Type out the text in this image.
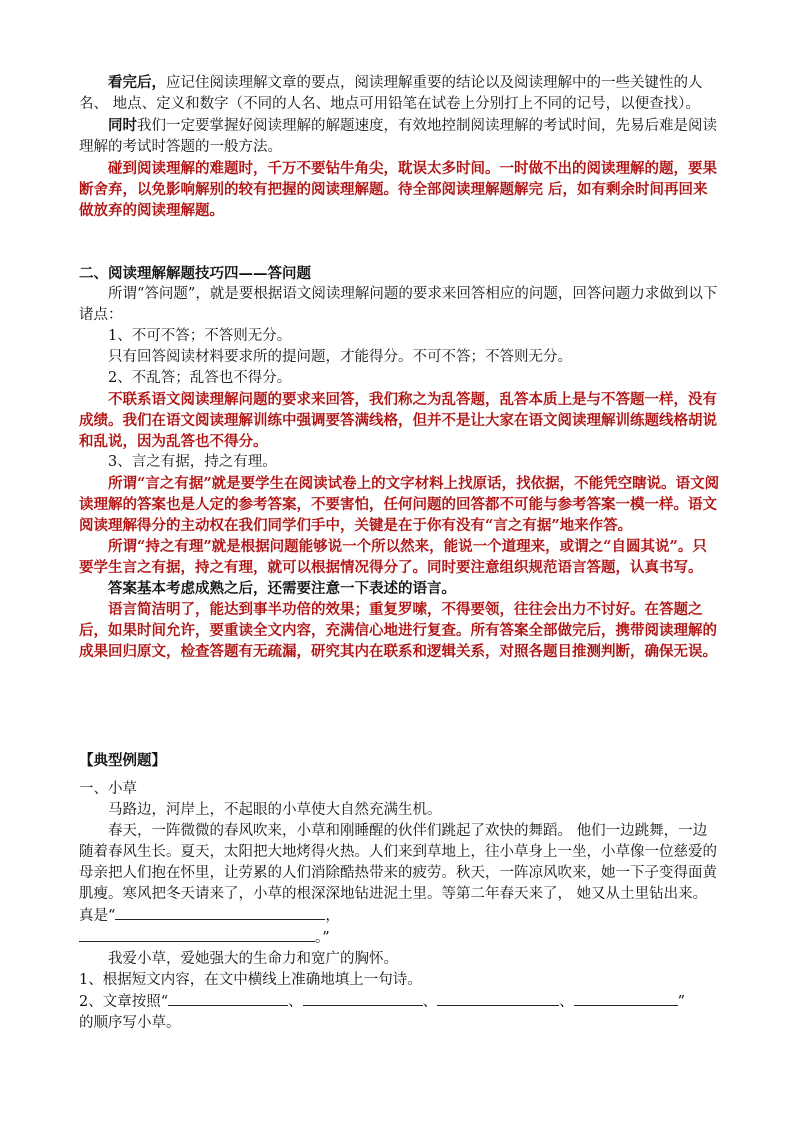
看完后，应记住阅读理解文章的要点，阅读理解重要的结论以及阅读理解中的一些关键性的人名、 地点、定义和数字（不同的人名、地点可用铅笔在试卷上分别打上不同的记号，以便查找）。

同时我们一定要掌握好阅读理解的解题速度，有效地控制阅读理解的考试时间，先易后难是阅读理解的考试时答题的一般方法。

碰到阅读理解的难题时，千万不要钻牛角尖，耽误太多时间。一时做不出的阅读理解的题，要果断舍弃，以免影响解别的较有把握的阅读理解题。待全部阅读理解题解完 后，如有剩余时间再回来做放弃的阅读理解题。

二、阅读理解解题技巧四——答问题

所谓“答问题”，就是要根据语文阅读理解问题的要求来回答相应的问题，回答问题力求做到以下诸点：

1、不可不答；不答则无分。

只有回答阅读材料要求所的提问题，才能得分。不可不答；不答则无分。

2、不乱答；乱答也不得分。

不联系语文阅读理解问题的要求来回答，我们称之为乱答题，乱答本质上是与不答题一样，没有成绩。我们在语文阅读理解训练中强调要答满线格，但并不是让大家在语文阅读理解训练题线格胡说和乱说，因为乱答也不得分。

3、言之有据，持之有理。

所谓“言之有据”就是要学生在阅读试卷上的文字材料上找原话，找依据，不能凭空瞎说。语文阅读理解的答案也是人定的参考答案，不要害怕，任何问题的回答都不可能与参考答案一模一样。语文阅读理解得分的主动权在我们同学们手中，关键是在于你有没有“言之有据”地来作答。

所谓“持之有理”就是根据问题能够说一个所以然来，能说一个道理来，或谓之“自圆其说”。只要学生言之有据，持之有理，就可以根据情况得分了。同时要注意组织规范语言答题，认真书写。

答案基本考虑成熟之后，还需要注意一下表述的语言。

语言简洁明了，能达到事半功倍的效果；重复罗嗦，不得要领，往往会出力不讨好。在答题之后，如果时间允许，要重读全文内容，充满信心地进行复查。所有答案全部做完后，携带阅读理解的成果回归原文，检查答题有无疏漏，研究其内在联系和逻辑关系，对照各题目推测判断，确保无误。

【典型例题】

一、小草

马路边，河岸上，不起眼的小草使大自然充满生机。

春天，一阵微微的春风吹来，小草和刚睡醒的伙伴们跳起了欢快的舞蹈。 他们一边跳舞，一边随着春风生长。夏天，太阳把大地烤得火热。人们来到草地上，往小草身上一坐，小草像一位慈爱的母亲把人们抱在怀里，让劳累的人们消除酷热带来的疲劳。秋天，一阵凉风吹来，她一下子变得面黄肌瘦。寒风把冬天请来了，小草的根深深地钻进泥土里。等第二年春天来了， 她又从土里钻出来。真是“	，
。”

我爱小草，爱她强大的生命力和宽广的胸怀。

1、根据短文内容，在文中横线上准确地填上一句诗。

2、文章按照“	、	、	、	”
的顺序写小草。
